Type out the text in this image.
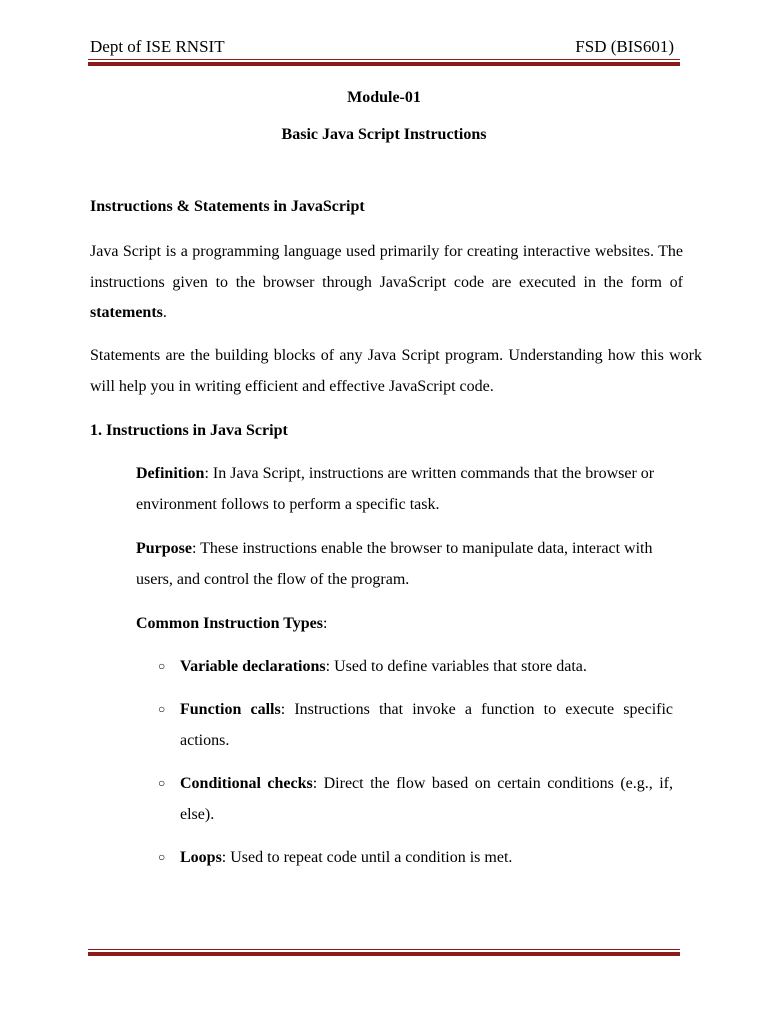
Dept of ISE RNSIT	FSD (BIS601)
Module-01
Basic Java Script Instructions
Instructions & Statements in JavaScript
Java Script is a programming language used primarily for creating interactive websites. The instructions given to the browser through JavaScript code are executed in the form of statements.
Statements are the building blocks of any Java Script program. Understanding how this work will help you in writing efficient and effective JavaScript code.
1. Instructions in Java Script
Definition: In Java Script, instructions are written commands that the browser or environment follows to perform a specific task.
Purpose: These instructions enable the browser to manipulate data, interact with users, and control the flow of the program.
Common Instruction Types:
○ Variable declarations: Used to define variables that store data.
○ Function calls: Instructions that invoke a function to execute specific actions.
○ Conditional checks: Direct the flow based on certain conditions (e.g., if, else).
○ Loops: Used to repeat code until a condition is met.
